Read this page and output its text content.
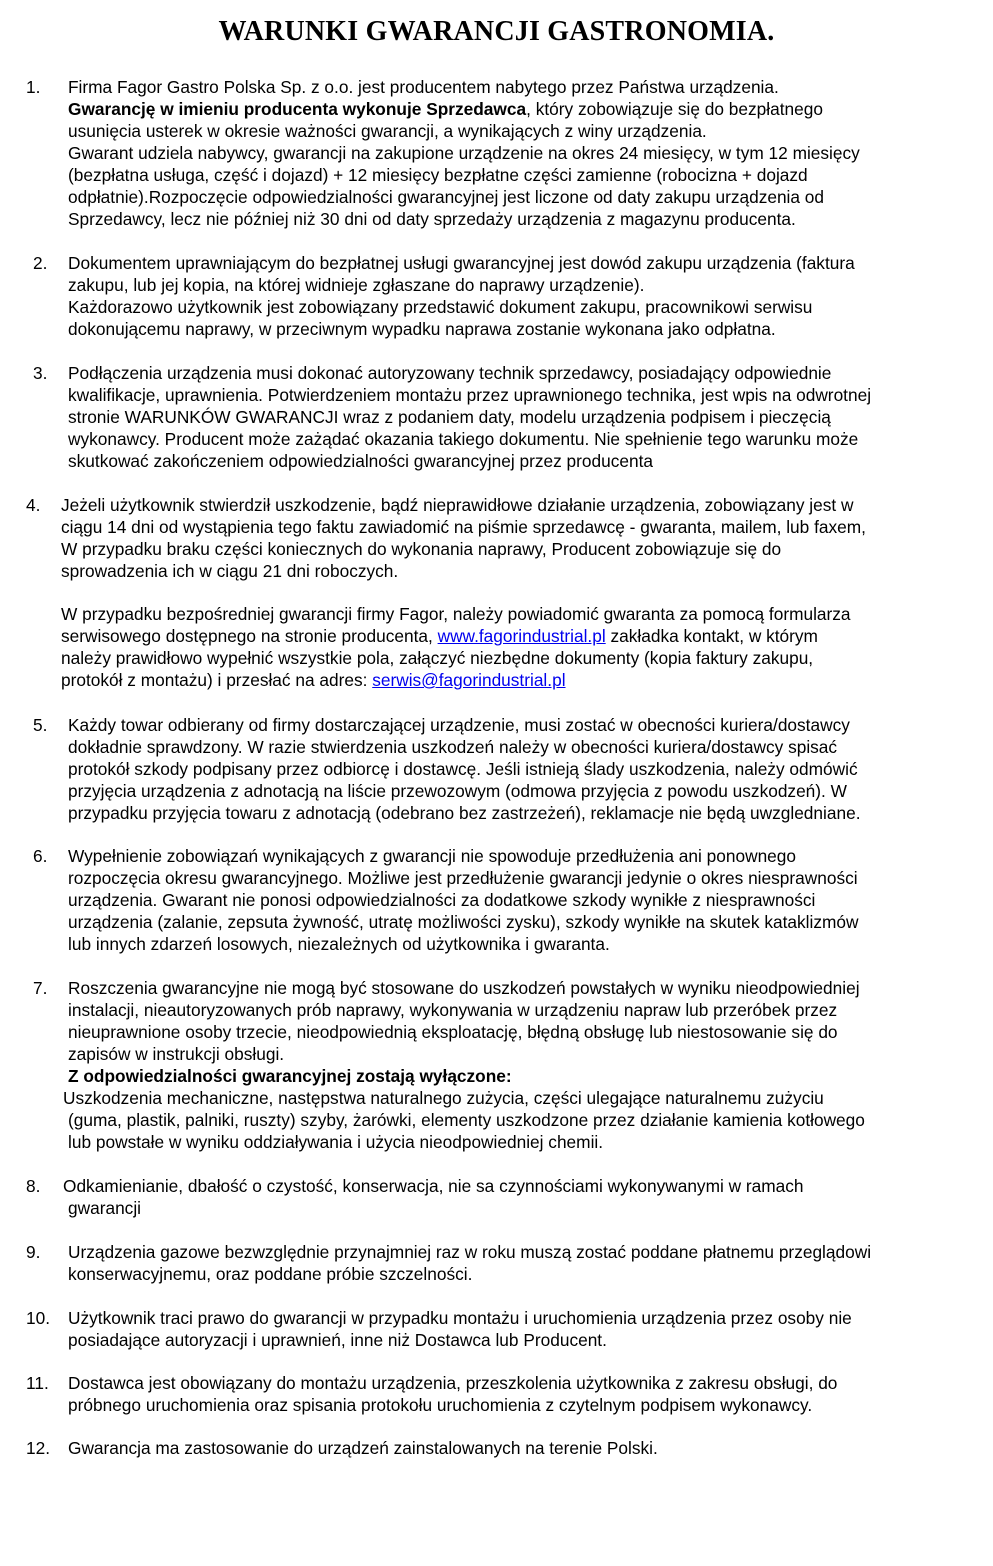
WARUNKI GWARANCJI GASTRONOMIA.
1. Firma Fagor Gastro Polska Sp. z o.o. jest producentem nabytego przez Państwa urządzenia.

Gwarancję w imieniu producenta wykonuje Sprzedawca, który zobowiązuje się do bezpłatnego

usunięcia usterek w okresie ważności gwarancji, a wynikających z winy urządzenia.

Gwarant udziela nabywcy, gwarancji na zakupione urządzenie na okres 24 miesięcy, w tym 12 miesięcy

(bezpłatna usługa, część i dojazd) + 12 miesięcy bezpłatne części zamienne (robocizna + dojazd

odpłatnie).Rozpoczęcie odpowiedzialności gwarancyjnej jest liczone od daty zakupu urządzenia od

Sprzedawcy, lecz nie później niż 30 dni od daty sprzedaży urządzenia z magazynu producenta.

2. Dokumentem uprawniającym do bezpłatnej usługi gwarancyjnej jest dowód zakupu urządzenia (faktura

zakupu, lub jej kopia, na której widnieje zgłaszane do naprawy urządzenie).

Każdorazowo użytkownik jest zobowiązany przedstawić dokument zakupu, pracownikowi serwisu

dokonującemu naprawy, w przeciwnym wypadku naprawa zostanie wykonana jako odpłatna.

3. Podłączenia urządzenia musi dokonać autoryzowany technik sprzedawcy, posiadający odpowiednie

kwalifikacje, uprawnienia. Potwierdzeniem montażu przez uprawnionego technika, jest wpis na odwrotnej

stronie WARUNKÓW GWARANCJI wraz z podaniem daty, modelu urządzenia podpisem i pieczęcią

wykonawcy. Producent może zażądać okazania takiego dokumentu. Nie spełnienie tego warunku może

skutkować zakończeniem odpowiedzialności gwarancyjnej przez producenta

4. Jeżeli użytkownik stwierdził uszkodzenie, bądź nieprawidłowe działanie urządzenia, zobowiązany jest w

ciągu 14 dni od wystąpienia tego faktu zawiadomić na piśmie sprzedawcę - gwaranta, mailem, lub faxem,

W przypadku braku części koniecznych do wykonania naprawy, Producent zobowiązuje się do

sprowadzenia ich w ciągu 21 dni roboczych.

W przypadku bezpośredniej gwarancji firmy Fagor, należy powiadomić gwaranta za pomocą formularza

serwisowego dostępnego na stronie producenta, www.fagorindustrial.pl zakładka kontakt, w którym

należy prawidłowo wypełnić wszystkie pola, załączyć niezbędne dokumenty (kopia faktury zakupu,

protokół z montażu) i przesłać na adres: serwis@fagorindustrial.pl

5. Każdy towar odbierany od firmy dostarczającej urządzenie, musi zostać w obecności kuriera/dostawcy

dokładnie sprawdzony. W razie stwierdzenia uszkodzeń należy w obecności kuriera/dostawcy spisać

protokół szkody podpisany przez odbiorcę i dostawcę. Jeśli istnieją ślady uszkodzenia, należy odmówić

przyjęcia urządzenia z adnotacją na liście przewozowym (odmowa przyjęcia z powodu uszkodzeń). W

przypadku przyjęcia towaru z adnotacją (odebrano bez zastrzeżeń), reklamacje nie będą uwzgledniane.

6. Wypełnienie zobowiązań wynikających z gwarancji nie spowoduje przedłużenia ani ponownego

rozpoczęcia okresu gwarancyjnego. Możliwe jest przedłużenie gwarancji jedynie o okres niesprawności

urządzenia. Gwarant nie ponosi odpowiedzialności za dodatkowe szkody wynikłe z niesprawności

urządzenia (zalanie, zepsuta żywność, utratę możliwości zysku), szkody wynikłe na skutek kataklizmów

lub innych zdarzeń losowych, niezależnych od użytkownika i gwaranta.

7. Roszczenia gwarancyjne nie mogą być stosowane do uszkodzeń powstałych w wyniku nieodpowiedniej

instalacji, nieautoryzowanych prób naprawy, wykonywania w urządzeniu napraw lub przeróbek przez

nieuprawnione osoby trzecie, nieodpowiednią eksploatację, błędną obsługę lub niestosowanie się do

zapisów w instrukcji obsługi.

Z odpowiedzialności gwarancyjnej zostają wyłączone:

Uszkodzenia mechaniczne, następstwa naturalnego zużycia, części ulegające naturalnemu zużyciu

(guma, plastik, palniki, ruszty) szyby, żarówki, elementy uszkodzone przez działanie kamienia kotłowego

lub powstałe w wyniku oddziaływania i użycia nieodpowiedniej chemii.

8. Odkamienianie, dbałość o czystość, konserwacja, nie sa czynnościami wykonywanymi w ramach

gwarancji

9. Urządzenia gazowe bezwzględnie przynajmniej raz w roku muszą zostać poddane płatnemu przeglądowi

konserwacyjnemu, oraz poddane próbie szczelności.

10. Użytkownik traci prawo do gwarancji w przypadku montażu i uruchomienia urządzenia przez osoby nie

posiadające autoryzacji i uprawnień, inne niż Dostawca lub Producent.

11. Dostawca jest obowiązany do montażu urządzenia, przeszkolenia użytkownika z zakresu obsługi, do

próbnego uruchomienia oraz spisania protokołu uruchomienia z czytelnym podpisem wykonawcy.

12. Gwarancja ma zastosowanie do urządzeń zainstalowanych na terenie Polski.
